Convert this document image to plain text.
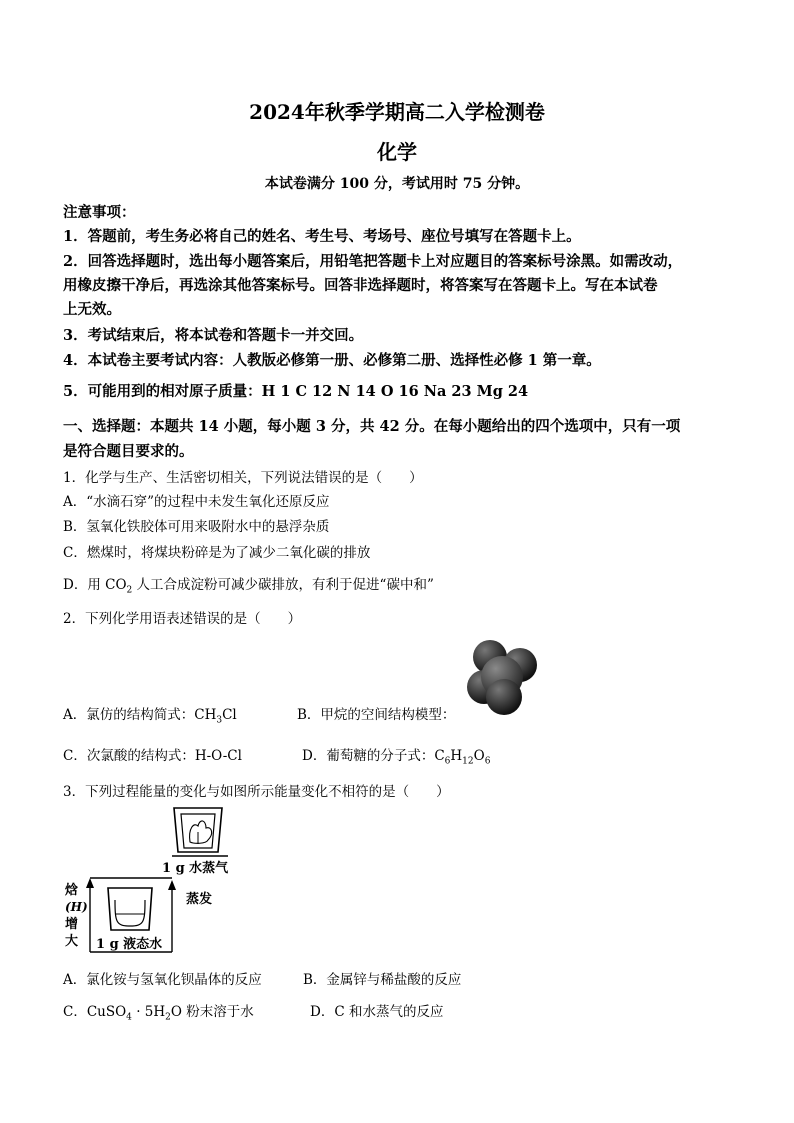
2024年秋季学期高二入学检测卷
化学
本试卷满分 100 分，考试用时 75 分钟。
注意事项：
1．答题前，考生务必将自己的姓名、考生号、考场号、座位号填写在答题卡上。
2．回答选择题时，选出每小题答案后，用铅笔把答题卡上对应题目的答案标号涂黑。如需改动，
用橡皮擦干净后，再选涂其他答案标号。回答非选择题时，将答案写在答题卡上。写在本试卷
上无效。
3．考试结束后，将本试卷和答题卡一并交回。
4．本试卷主要考试内容：人教版必修第一册、必修第二册、选择性必修 1 第一章。
5．可能用到的相对原子质量：H 1 C 12 N 14 O 16 Na 23 Mg 24
一、选择题：本题共 14 小题，每小题 3 分，共 42 分。在每小题给出的四个选项中，只有一项
是符合题目要求的。
1．化学与生产、生活密切相关，下列说法错误的是（　　）
A．“水滴石穿”的过程中未发生氧化还原反应
B．氢氧化铁胶体可用来吸附水中的悬浮杂质
C．燃煤时，将煤块粉碎是为了减少二氧化碳的排放
D．用 $CO_2$ 人工合成淀粉可减少碳排放，有利于促进“碳中和”
2．下列化学用语表述错误的是（　　）
A．氯仿的结构简式：$CH_3Cl$	B．甲烷的空间结构模型：
C．次氯酸的结构式：H-O-Cl	D．葡萄糖的分子式：$C_6H_{12}O_6$
3．下列过程能量的变化与如图所示能量变化不相符的是（　　）
1 g 水蒸气
蒸发
1 g 液态水
焓
(H)
增
大
A．氯化铵与氢氧化钡晶体的反应	B．金属锌与稀盐酸的反应
C．CuSO$_4$ · $5H_2O$ 粉末溶于水	D．C 和水蒸气的反应
